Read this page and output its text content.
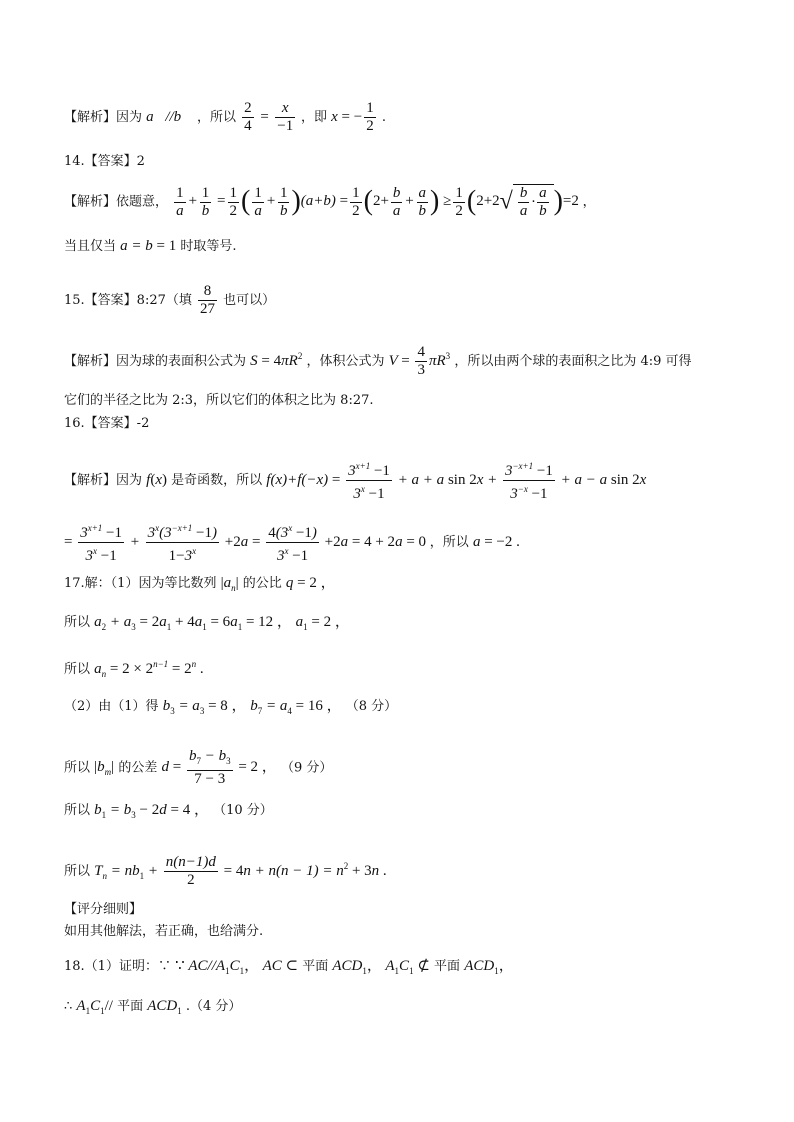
【解析】因为 a⃗//b⃗ ，所以 $\frac{2}{4} = \frac{x}{-1}$ ，即 x = − $\frac{1}{2}$ .
14.【答案】2
【解析】依题意， $\frac{1}{a} + \frac{1}{b} = \frac{1}{2}$ ( $\frac{1}{a} + \frac{1}{b} )(a+b) = \frac{1}{2} (2+ \frac{b}{a} + \frac{a}{b}$ ) ≥ $\frac{1}{2} (2+2√ \frac{b}{a} \cdot \frac{a}{b} )=2$ ，
当且仅当 a = b = 1 时取等号.
15.【答案】8:27（填 $\frac{8}{27}$ 也可以）
【解析】因为球的表面积公式为 $S = 4\pi R^2$ ，体积公式为 $V = \frac{4}{3} \pi R^3$ ，所以由两个球的表面积之比为 4:9 可得
它们的半径之比为 2:3，所以它们的体积之比为 8:27.
16.【答案】-2
【解析】因为 f(x) 是奇函数，所以 $f(x)+f(-x) = \frac{3^{x+1} -1}{3^x -1} + a + a$ $\sin 2x + \frac{3^{-x+1} -1}{3^{-x} -1} + a - a$ sin 2x
= $\frac{3^{x+1} -1}{3^x -1} + \frac{3^x(3^{-x+1} -1)}{1-3^x} +2a = \frac{4(3^x -1)}{3^x -1} +2a = 4 + 2a = 0$ ，所以 a = −2 .
17.解：（1）因为等比数列 $|a_n|$ 的公比 q = 2 ，
所以 $a_2 + a_3 = 2a_1 + 4a_1 = 6a_1 = 12$ ， $a_1 = 2$ ，
所以 $a_n = 2 \times 2^{n-1} = 2^n$ .
（2）由（1）得 $b_3 = a_3 = 8$ ， $b_7 = a_4 = 16$ ， （8 分）
所以 $|b_m|$ 的公差 $d = \frac{b_7 - b_3}{7 - 3} = 2$ ， （9 分）
所以 $b_1 = b_3 - 2d = 4$ ， （10 分）
所以 $T_n = nb_1 + \frac{n(n-1)d}{2} = 4n + n(n - 1) = n^2 + 3n$ .
【评分细则】
如用其他解法，若正确，也给满分.
18.（1）证明：∵ ∵ $AC//A_1C_1$， AC ⊂ 平面 $ACD_1$， $A_1C_1$ ⊄ 平面 $ACD_1$，
∴ $A_1C_1//$ 平面 $ACD_1$ .（4 分）
